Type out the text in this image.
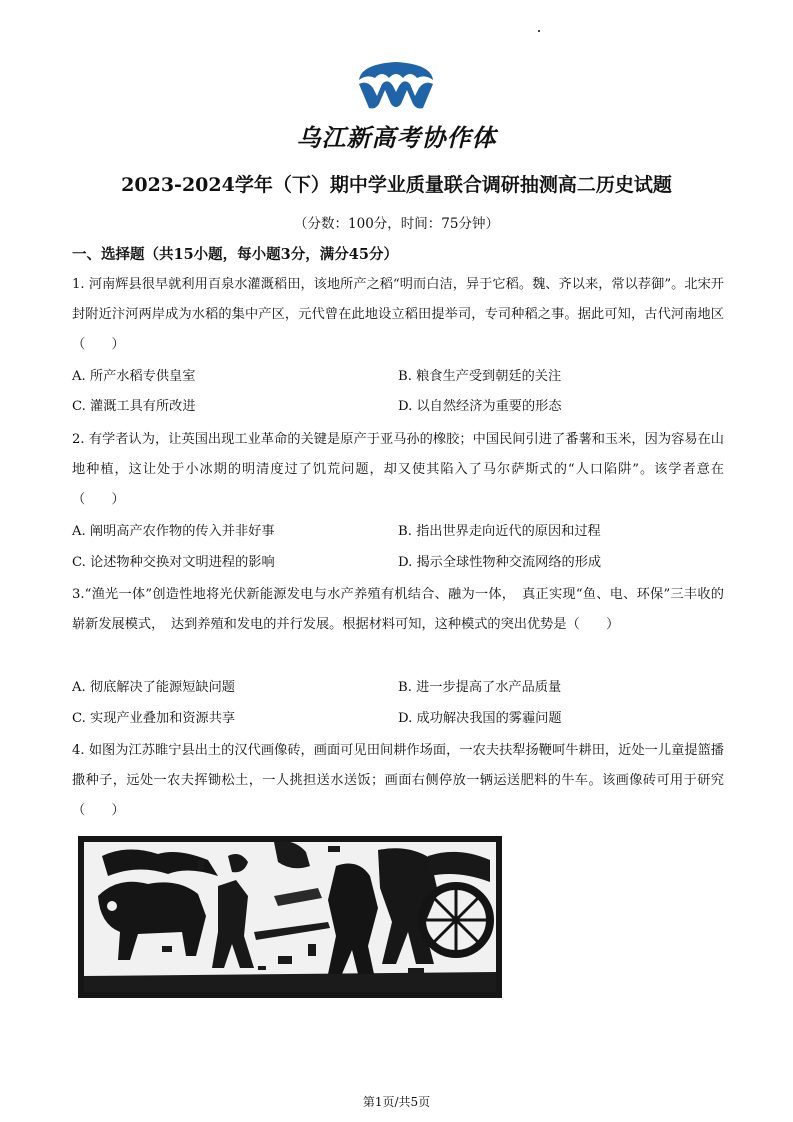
乌江新高考协作体
2023-2024学年（下）期中学业质量联合调研抽测高二历史试题
（分数：100分，时间：75分钟）
一、选择题（共15小题，每小题3分，满分45分）
1. 河南辉县很早就利用百泉水灌溉稻田，该地所产之稻“明而白洁，异于它稻。魏、齐以来，常以荐御”。北宋开封附近汴河两岸成为水稻的集中产区，元代曾在此地设立稻田提举司，专司种稻之事。据此可知，古代河南地区（　　）
A. 所产水稻专供皇室	B. 粮食生产受到朝廷的关注
C. 灌溉工具有所改进	D. 以自然经济为重要的形态
2. 有学者认为，让英国出现工业革命的关键是原产于亚马孙的橡胶；中国民间引进了番薯和玉米，因为容易在山地种植，这让处于小冰期的明清度过了饥荒问题，却又使其陷入了马尔萨斯式的“人口陷阱”。该学者意在（　　）
A. 阐明高产农作物的传入并非好事	B. 指出世界走向近代的原因和过程
C. 论述物种交换对文明进程的影响	D. 揭示全球性物种交流网络的形成
3.“渔光一体”创造性地将光伏新能源发电与水产养殖有机结合、融为一体，　真正实现“鱼、电、环保”三丰收的崭新发展模式，　达到养殖和发电的并行发展。根据材料可知，这种模式的突出优势是（　　）
A. 彻底解决了能源短缺问题	B. 进一步提高了水产品质量
C. 实现产业叠加和资源共享	D. 成功解决我国的雾霾问题
4. 如图为江苏睢宁县出土的汉代画像砖，画面可见田间耕作场面，一农夫扶犁扬鞭呵牛耕田，近处一儿童提篮播撒种子，远处一农夫挥锄松土，一人挑担送水送饭；画面右侧停放一辆运送肥料的牛车。该画像砖可用于研究（　　）
第1页/共5页
